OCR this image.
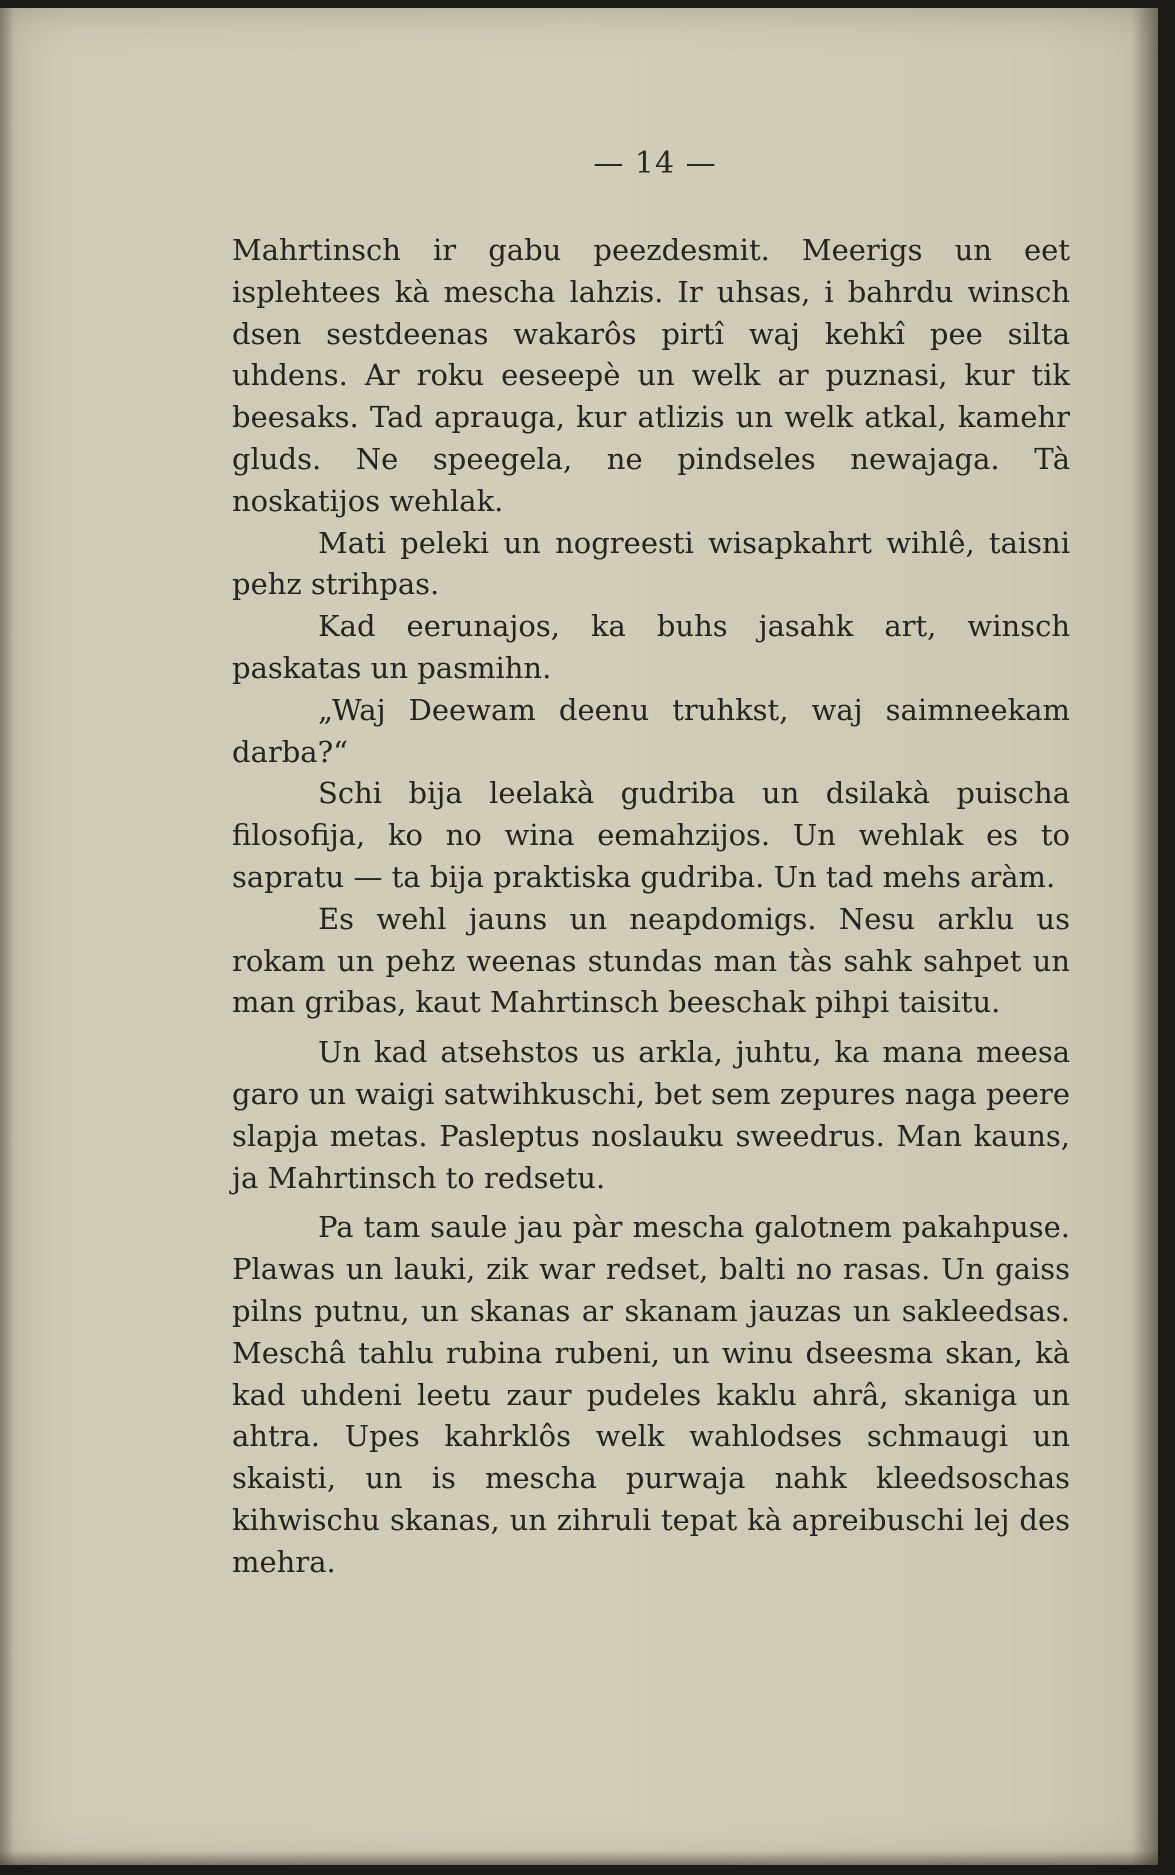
— 14 —

Mahrtinsch ir gabu peezdesmit. Meerigs un eet isplehtees kà mescha lahzis. Ir uhsas, i bahrdu winsch dsen sestdeenas wakarôs pirtî waj kehkî pee silta uhdens. Ar roku eeseepè un welk ar puznasi, kur tik beesaks. Tad aprauga, kur atlizis un welk atkal, kamehr gluds. Ne speegela, ne pindseles newajaga. Tà noskatijos wehlak.

Mati peleki un nogreesti wisapkahrt wihlê, taisni pehz strihpas.

Kad eerunajos, ka buhs jasahk art, winsch paskatas un pasmihn.

„Waj Deewam deenu truhkst, waj saimneekam darba?“

Schi bija leelakà gudriba un dsilakà puischa filosofija, ko no wina eemahzijos. Un wehlak es to sapratu — ta bija praktiska gudriba. Un tad mehs aràm.

Es wehl jauns un neapdomigs. Nesu arklu us rokam un pehz weenas stundas man tàs sahk sahpet un man gribas, kaut Mahrtinsch beeschak pihpi taisitu.

Un kad atsehstos us arkla, juhtu, ka mana meesa garo un waigi satwihkuschi, bet sem zepures naga peere slapja metas. Pasleptus noslauku sweedrus. Man kauns, ja Mahrtinsch to redsetu.

Pa tam saule jau pàr mescha galotnem pakahpuse. Plawas un lauki, zik war redset, balti no rasas. Un gaiss pilns putnu, un skanas ar skanam jauzas un sakleedsas. Meschâ tahlu rubina rubeni, un winu dseesma skan, kà kad uhdeni leetu zaur pudeles kaklu ahrâ, skaniga un ahtra. Upes kahrklôs welk wahlodses schmaugi un skaisti, un is mescha purwaja nahk kleedsoschas kihwischu skanas, un zihruli tepat kà apreibuschi lej des mehra.
